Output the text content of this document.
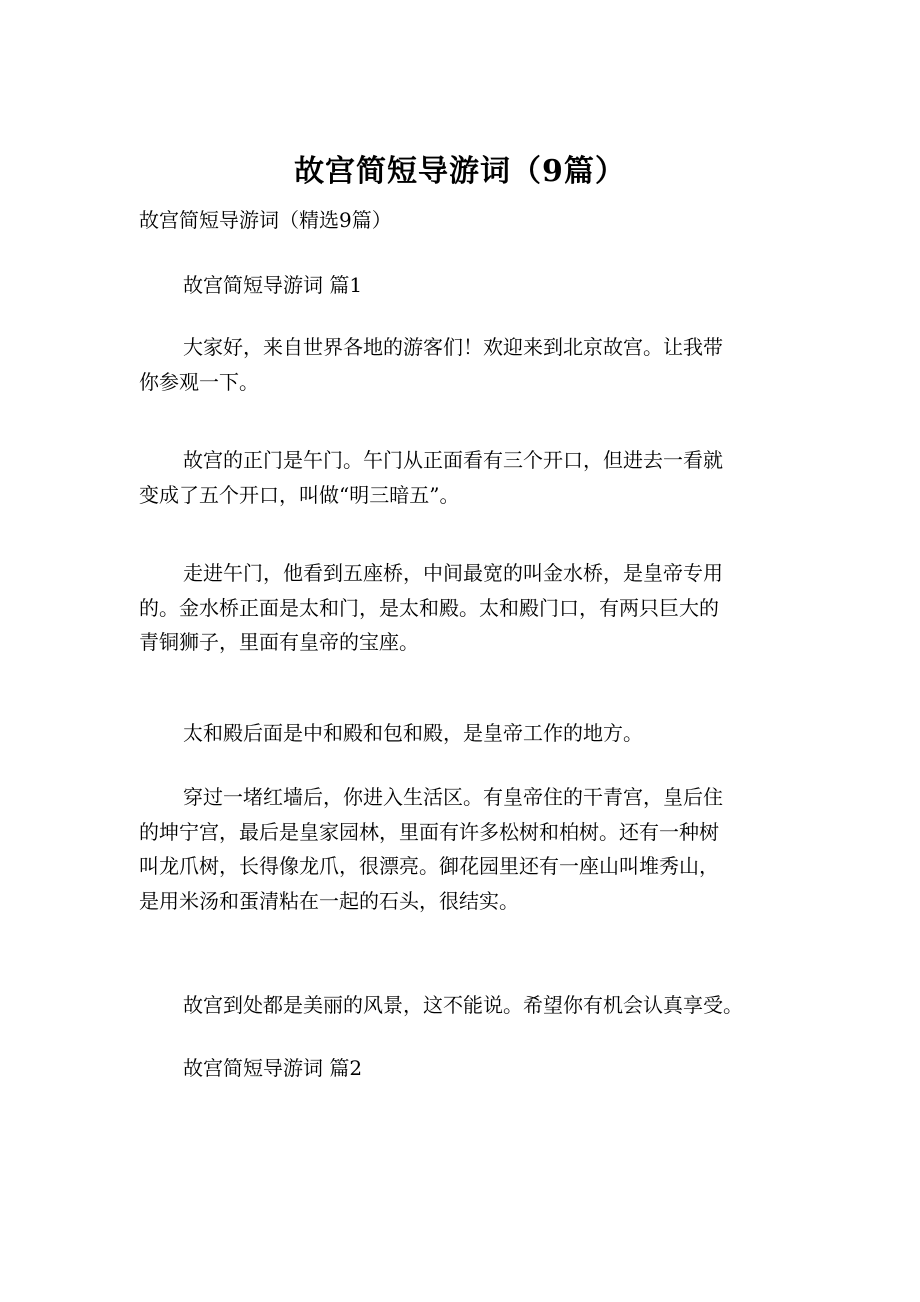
故宫简短导游词（9篇）

故宫简短导游词（精选9篇）

故宫简短导游词 篇1

大家好，来自世界各地的游客们！欢迎来到北京故宫。让我带
你参观一下。

故宫的正门是午门。午门从正面看有三个开口，但进去一看就
变成了五个开口，叫做“明三暗五”。

走进午门，他看到五座桥，中间最宽的叫金水桥，是皇帝专用
的。金水桥正面是太和门，是太和殿。太和殿门口，有两只巨大的
青铜狮子，里面有皇帝的宝座。

太和殿后面是中和殿和包和殿，是皇帝工作的地方。

穿过一堵红墙后，你进入生活区。有皇帝住的干青宫，皇后住
的坤宁宫，最后是皇家园林，里面有许多松树和柏树。还有一种树
叫龙爪树，长得像龙爪，很漂亮。御花园里还有一座山叫堆秀山，
是用米汤和蛋清粘在一起的石头，很结实。

故宫到处都是美丽的风景，这不能说。希望你有机会认真享受。

故宫简短导游词 篇2
